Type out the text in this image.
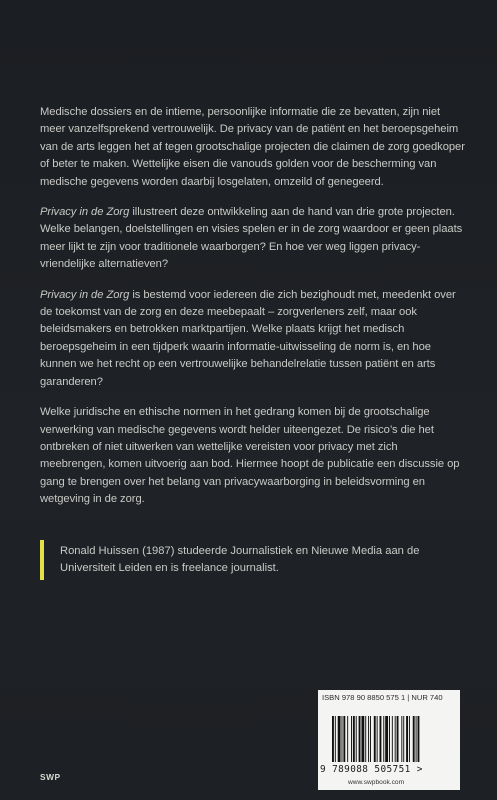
Medische dossiers en de intieme, persoonlijke informatie die ze bevatten, zijn niet meer vanzelfsprekend vertrouwelijk. De privacy van de patiënt en het beroepsgeheim van de arts leggen het af tegen grootschalige projecten die claimen de zorg goedkoper of beter te maken. Wettelijke eisen die vanouds golden voor de bescherming van medische gegevens worden daarbij losgelaten, omzeild of genegeerd.

Privacy in de Zorg illustreert deze ontwikkeling aan de hand van drie grote projecten. Welke belangen, doelstellingen en visies spelen er in de zorg waardoor er geen plaats meer lijkt te zijn voor traditionele waarborgen? En hoe ver weg liggen privacy-vriendelijke alternatieven?

Privacy in de Zorg is bestemd voor iedereen die zich bezighoudt met, meedenkt over de toekomst van de zorg en deze meebepaalt – zorgverleners zelf, maar ook beleidsmakers en betrokken marktpartijen. Welke plaats krijgt het medisch beroepsgeheim in een tijdperk waarin informatie-uitwisseling de norm is, en hoe kunnen we het recht op een vertrouwelijke behandelrelatie tussen patiënt en arts garanderen?

Welke juridische en ethische normen in het gedrang komen bij de grootschalige verwerking van medische gegevens wordt helder uiteengezet. De risico’s die het ontbreken of niet uitwerken van wettelijke vereisten voor privacy met zich meebrengen, komen uitvoerig aan bod. Hiermee hoopt de publicatie een discussie op gang te brengen over het belang van privacywaarborging in beleidsvorming en wetgeving in de zorg.

Ronald Huissen (1987) studeerde Journalistiek en Nieuwe Media aan de Universiteit Leiden en is freelance journalist.
ISBN 978 90 8850 575 1 | NUR 740
9 789088 505751 >
www.swpbook.com
SWP
